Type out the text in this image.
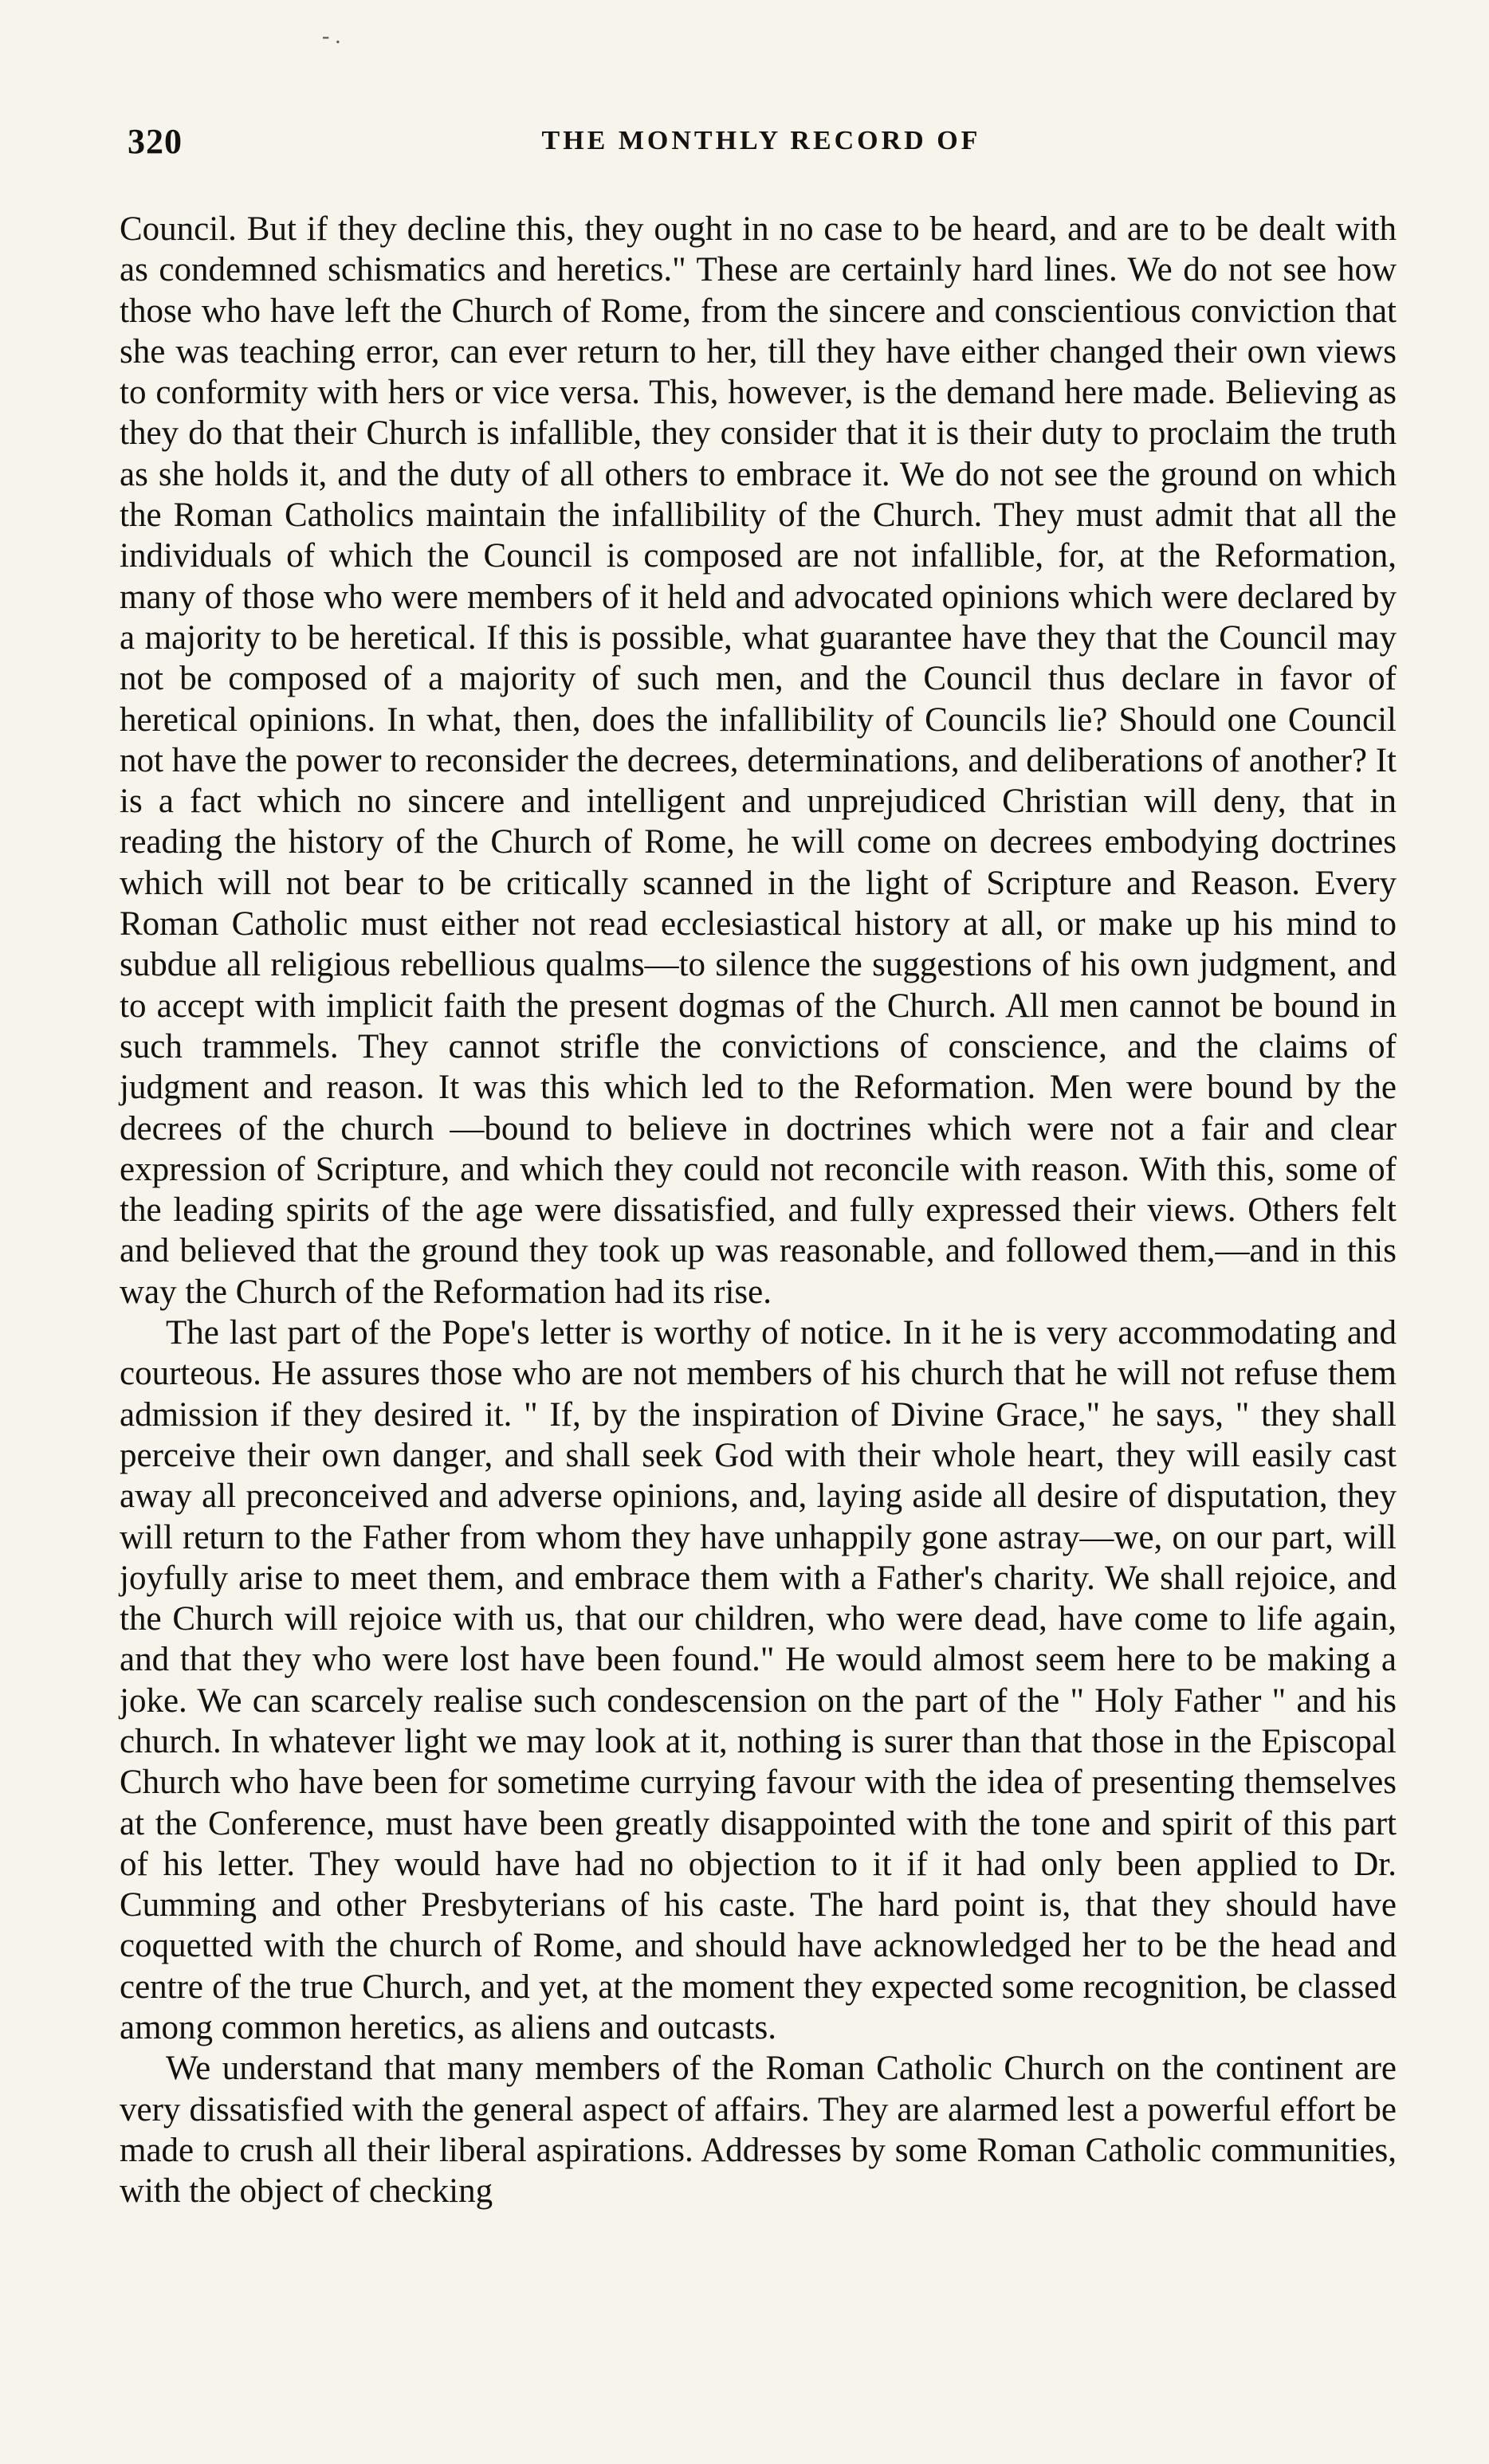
- .
320	THE MONTHLY RECORD OF

Council. But if they decline this, they ought in no case to be heard, and are to be dealt with as condemned schismatics and heretics." These are certainly hard lines. We do not see how those who have left the Church of Rome, from the sincere and conscientious conviction that she was teaching error, can ever return to her, till they have either changed their own views to conformity with hers or vice versa. This, however, is the demand here made. Believing as they do that their Church is infallible, they consider that it is their duty to proclaim the truth as she holds it, and the duty of all others to embrace it. We do not see the ground on which the Roman Catholics maintain the infallibility of the Church. They must admit that all the individuals of which the Council is composed are not infallible, for, at the Reformation, many of those who were members of it held and advocated opinions which were declared by a majority to be heretical. If this is possible, what guarantee have they that the Council may not be composed of a majority of such men, and the Council thus declare in favor of heretical opinions. In what, then, does the infallibility of Councils lie? Should one Council not have the power to reconsider the decrees, determinations, and deliberations of another? It is a fact which no sincere and intelligent and unprejudiced Christian will deny, that in reading the history of the Church of Rome, he will come on decrees embodying doctrines which will not bear to be critically scanned in the light of Scripture and Reason. Every Roman Catholic must either not read ecclesiastical history at all, or make up his mind to subdue all religious rebellious qualms—to silence the suggestions of his own judgment, and to accept with implicit faith the present dogmas of the Church. All men cannot be bound in such trammels. They cannot strifle the convictions of conscience, and the claims of judgment and reason. It was this which led to the Reformation. Men were bound by the decrees of the church —bound to believe in doctrines which were not a fair and clear expression of Scripture, and which they could not reconcile with reason. With this, some of the leading spirits of the age were dissatisfied, and fully expressed their views. Others felt and believed that the ground they took up was reasonable, and followed them,—and in this way the Church of the Reformation had its rise.

The last part of the Pope's letter is worthy of notice. In it he is very accommodating and courteous. He assures those who are not members of his church that he will not refuse them admission if they desired it. " If, by the inspiration of Divine Grace," he says, " they shall perceive their own danger, and shall seek God with their whole heart, they will easily cast away all preconceived and adverse opinions, and, laying aside all desire of disputation, they will return to the Father from whom they have unhappily gone astray—we, on our part, will joyfully arise to meet them, and embrace them with a Father's charity. We shall rejoice, and the Church will rejoice with us, that our children, who were dead, have come to life again, and that they who were lost have been found." He would almost seem here to be making a joke. We can scarcely realise such condescension on the part of the " Holy Father " and his church. In whatever light we may look at it, nothing is surer than that those in the Episcopal Church who have been for sometime currying favour with the idea of presenting themselves at the Conference, must have been greatly disappointed with the tone and spirit of this part of his letter. They would have had no objection to it if it had only been applied to Dr. Cumming and other Presbyterians of his caste. The hard point is, that they should have coquetted with the church of Rome, and should have acknowledged her to be the head and centre of the true Church, and yet, at the moment they expected some recognition, be classed among common heretics, as aliens and outcasts.

We understand that many members of the Roman Catholic Church on the continent are very dissatisfied with the general aspect of affairs. They are alarmed lest a powerful effort be made to crush all their liberal aspirations. Addresses by some Roman Catholic communities, with the object of checking
